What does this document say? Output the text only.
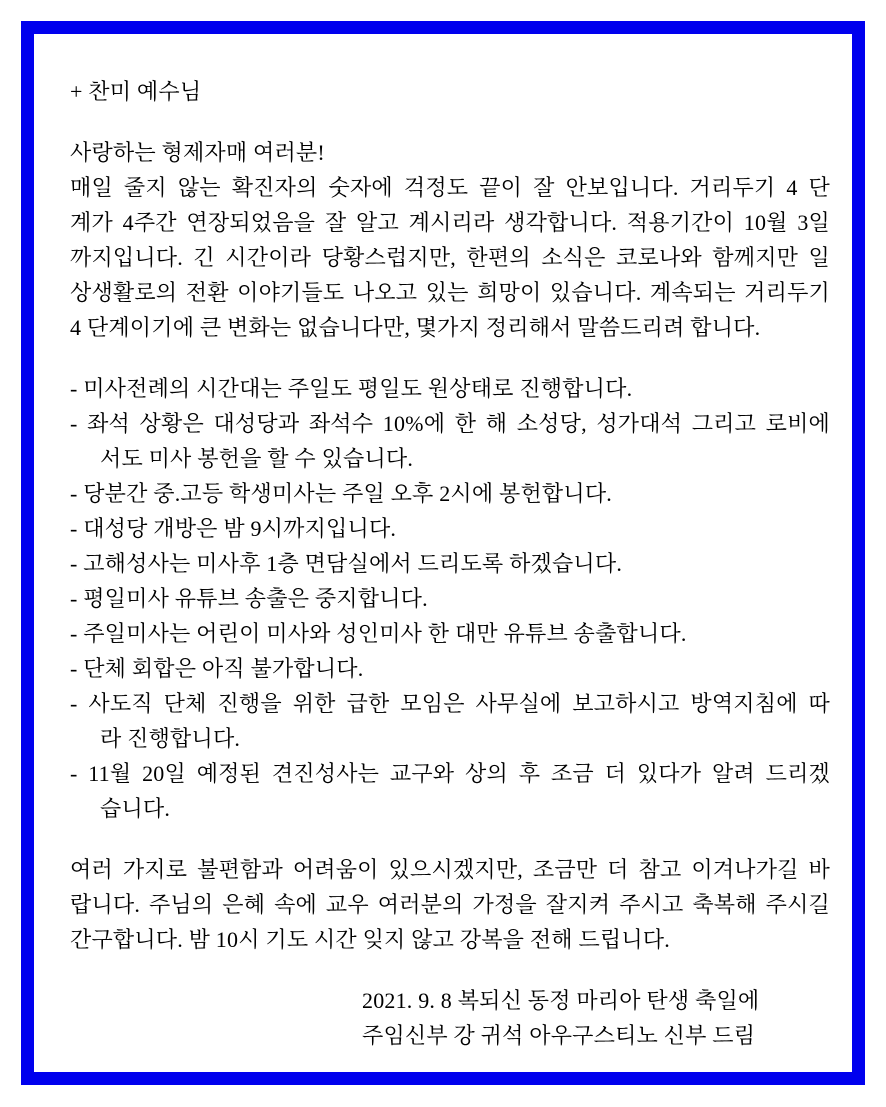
+ 찬미 예수님
사랑하는 형제자매 여러분!
매일 줄지 않는 확진자의 숫자에 걱정도 끝이 잘 안보입니다. 거리두기 4 단
계가 4주간 연장되었음을 잘 알고 계시리라 생각합니다. 적용기간이 10월 3일
까지입니다. 긴 시간이라 당황스럽지만, 한편의 소식은 코로나와 함께지만 일
상생활로의 전환 이야기들도 나오고 있는 희망이 있습니다. 계속되는 거리두기
4 단계이기에 큰 변화는 없습니다만, 몇가지 정리해서 말씀드리려 합니다.
- 미사전례의 시간대는 주일도 평일도 원상태로 진행합니다.
- 좌석 상황은 대성당과 좌석수 10%에 한 해 소성당, 성가대석 그리고 로비에
서도 미사 봉헌을 할 수 있습니다.
- 당분간 중.고등 학생미사는 주일 오후 2시에 봉헌합니다.
- 대성당 개방은 밤 9시까지입니다.
- 고해성사는 미사후 1층 면담실에서 드리도록 하겠습니다.
- 평일미사 유튜브 송출은 중지합니다.
- 주일미사는 어린이 미사와 성인미사 한 대만 유튜브 송출합니다.
- 단체 회합은 아직 불가합니다.
- 사도직 단체 진행을 위한 급한 모임은 사무실에 보고하시고 방역지침에 따
라 진행합니다.
- 11월 20일 예정된 견진성사는 교구와 상의 후 조금 더 있다가 알려 드리겠
습니다.
여러 가지로 불편함과 어려움이 있으시겠지만, 조금만 더 참고 이겨나가길 바
랍니다. 주님의 은혜 속에 교우 여러분의 가정을 잘지켜 주시고 축복해 주시길
간구합니다. 밤 10시 기도 시간 잊지 않고 강복을 전해 드립니다.
2021. 9. 8 복되신 동정 마리아 탄생 축일에
주임신부 강 귀석 아우구스티노 신부 드림
